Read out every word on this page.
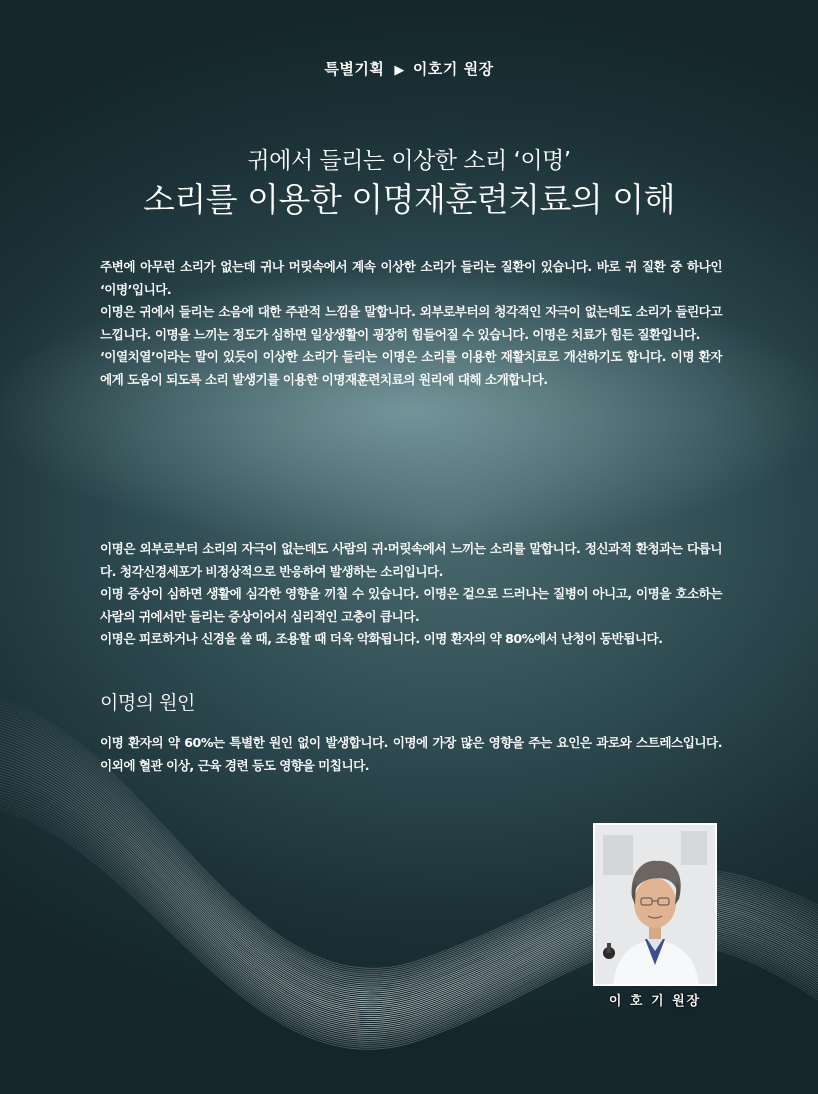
특별기획 ▶ 이호기 원장
귀에서 들리는 이상한 소리 ‘이명’
소리를 이용한 이명재훈련치료의 이해

주변에 아무런 소리가 없는데 귀나 머릿속에서 계속 이상한 소리가 들리는 질환이 있습니다. 바로 귀 질환 중 하나인 ‘이명’입니다.

이명은 귀에서 들리는 소음에 대한 주관적 느낌을 말합니다. 외부로부터의 청각적인 자극이 없는데도 소리가 들린다고 느낍니다. 이명을 느끼는 정도가 심하면 일상생활이 굉장히 힘들어질 수 있습니다. 이명은 치료가 힘든 질환입니다.

‘이열치열’이라는 말이 있듯이 이상한 소리가 들리는 이명은 소리를 이용한 재활치료로 개선하기도 합니다. 이명 환자에게 도움이 되도록 소리 발생기를 이용한 이명재훈련치료의 원리에 대해 소개합니다.

이명은 외부로부터 소리의 자극이 없는데도 사람의 귀·머릿속에서 느끼는 소리를 말합니다. 정신과적 환청과는 다릅니다. 청각신경세포가 비정상적으로 반응하여 발생하는 소리입니다.

이명 증상이 심하면 생활에 심각한 영향을 끼칠 수 있습니다. 이명은 겉으로 드러나는 질병이 아니고, 이명을 호소하는 사람의 귀에서만 들리는 증상이어서 심리적인 고충이 큽니다.

이명은 피로하거나 신경을 쓸 때, 조용할 때 더욱 악화됩니다. 이명 환자의 약 80%에서 난청이 동반됩니다.

이명의 원인

이명 환자의 약 60%는 특별한 원인 없이 발생합니다. 이명에 가장 많은 영향을 주는 요인은 과로와 스트레스입니다. 이외에 혈관 이상, 근육 경련 등도 영향을 미칩니다.

이 호 기 원장
